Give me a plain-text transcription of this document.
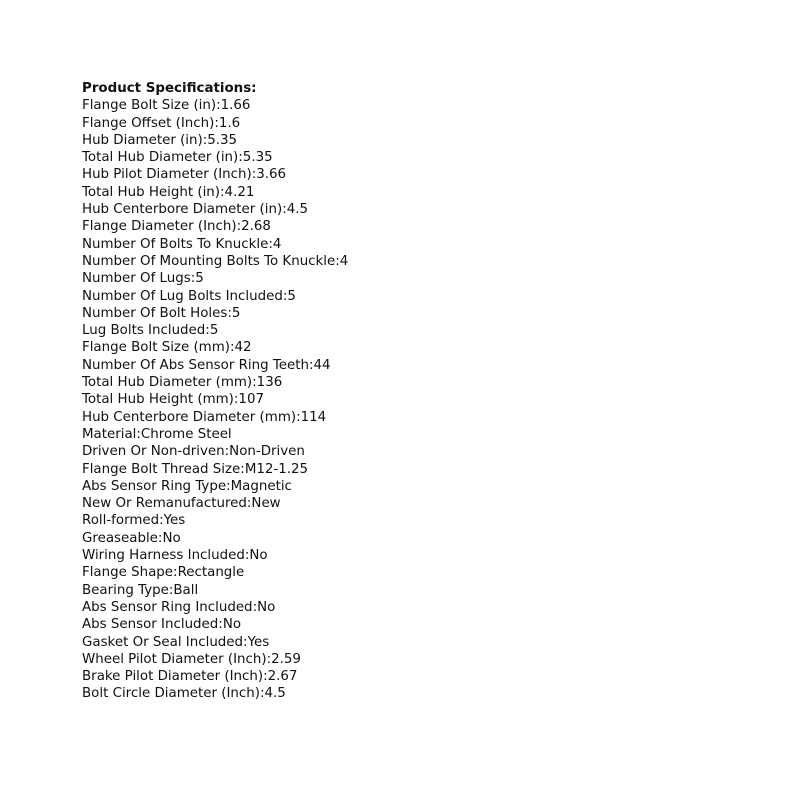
Product Specifications:
Flange Bolt Size (in):1.66
Flange Offset (Inch):1.6
Hub Diameter (in):5.35
Total Hub Diameter (in):5.35
Hub Pilot Diameter (Inch):3.66
Total Hub Height (in):4.21
Hub Centerbore Diameter (in):4.5
Flange Diameter (Inch):2.68
Number Of Bolts To Knuckle:4
Number Of Mounting Bolts To Knuckle:4
Number Of Lugs:5
Number Of Lug Bolts Included:5
Number Of Bolt Holes:5
Lug Bolts Included:5
Flange Bolt Size (mm):42
Number Of Abs Sensor Ring Teeth:44
Total Hub Diameter (mm):136
Total Hub Height (mm):107
Hub Centerbore Diameter (mm):114
Material:Chrome Steel
Driven Or Non-driven:Non-Driven
Flange Bolt Thread Size:M12-1.25
Abs Sensor Ring Type:Magnetic
New Or Remanufactured:New
Roll-formed:Yes
Greaseable:No
Wiring Harness Included:No
Flange Shape:Rectangle
Bearing Type:Ball
Abs Sensor Ring Included:No
Abs Sensor Included:No
Gasket Or Seal Included:Yes
Wheel Pilot Diameter (Inch):2.59
Brake Pilot Diameter (Inch):2.67
Bolt Circle Diameter (Inch):4.5
